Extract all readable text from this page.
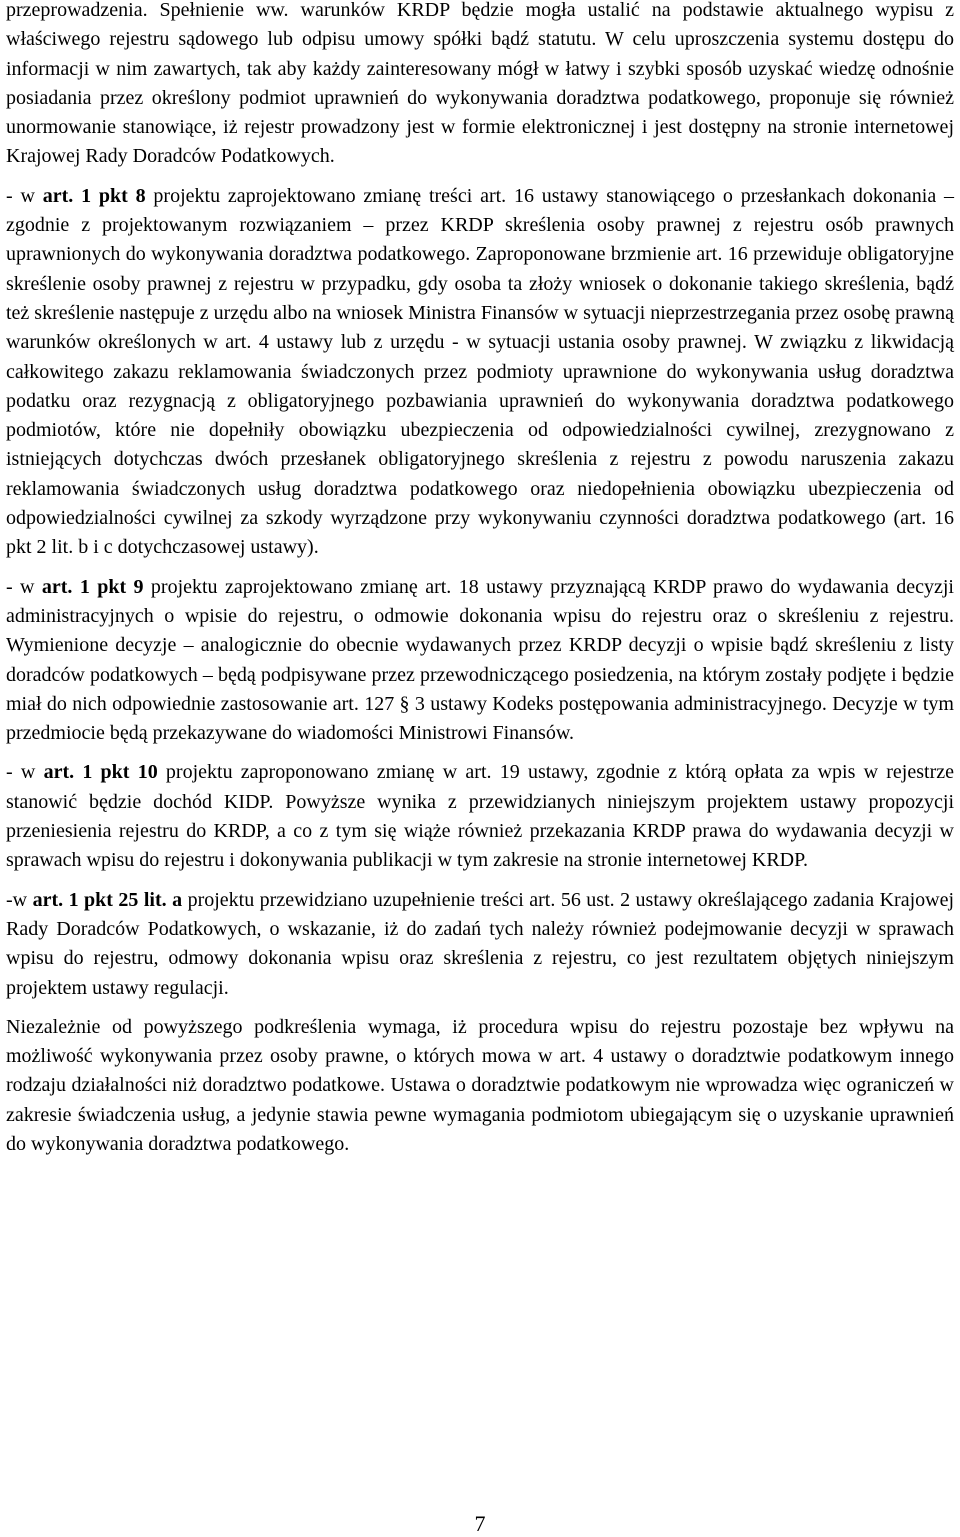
przeprowadzenia. Spełnienie ww. warunków KRDP będzie mogła ustalić na podstawie aktualnego wypisu z właściwego rejestru sądowego lub odpisu umowy spółki bądź statutu. W celu uproszczenia systemu dostępu do informacji w nim zawartych, tak aby każdy zainteresowany mógł w łatwy i szybki sposób uzyskać wiedzę odnośnie posiadania przez określony podmiot uprawnień do wykonywania doradztwa podatkowego, proponuje się również unormowanie stanowiące, iż rejestr prowadzony jest w formie elektronicznej i jest dostępny na stronie internetowej Krajowej Rady Doradców Podatkowych.

- w art. 1 pkt 8 projektu zaprojektowano zmianę treści art. 16 ustawy stanowiącego o przesłankach dokonania – zgodnie z projektowanym rozwiązaniem – przez KRDP skreślenia osoby prawnej z rejestru osób prawnych uprawnionych do wykonywania doradztwa podatkowego. Zaproponowane brzmienie art. 16 przewiduje obligatoryjne skreślenie osoby prawnej z rejestru w przypadku, gdy osoba ta złoży wniosek o dokonanie takiego skreślenia, bądź też skreślenie następuje z urzędu albo na wniosek Ministra Finansów w sytuacji nieprzestrzegania przez osobę prawną warunków określonych w art. 4 ustawy lub z urzędu - w sytuacji ustania osoby prawnej. W związku z likwidacją całkowitego zakazu reklamowania świadczonych przez podmioty uprawnione do wykonywania usług doradztwa podatku oraz rezygnacją z obligatoryjnego pozbawiania uprawnień do wykonywania doradztwa podatkowego podmiotów, które nie dopełniły obowiązku ubezpieczenia od odpowiedzialności cywilnej, zrezygnowano z istniejących dotychczas dwóch przesłanek obligatoryjnego skreślenia z rejestru z powodu naruszenia zakazu reklamowania świadczonych usług doradztwa podatkowego oraz niedopełnienia obowiązku ubezpieczenia od odpowiedzialności cywilnej za szkody wyrządzone przy wykonywaniu czynności doradztwa podatkowego (art. 16 pkt 2 lit. b i c dotychczasowej ustawy).

- w art. 1 pkt 9 projektu zaprojektowano zmianę art. 18 ustawy przyznającą KRDP prawo do wydawania decyzji administracyjnych o wpisie do rejestru, o odmowie dokonania wpisu do rejestru oraz o skreśleniu z rejestru. Wymienione decyzje – analogicznie do obecnie wydawanych przez KRDP decyzji o wpisie bądź skreśleniu z listy doradców podatkowych – będą podpisywane przez przewodniczącego posiedzenia, na którym zostały podjęte i będzie miał do nich odpowiednie zastosowanie art. 127 § 3 ustawy Kodeks postępowania administracyjnego. Decyzje w tym przedmiocie będą przekazywane do wiadomości Ministrowi Finansów.

- w art. 1 pkt 10 projektu zaproponowano zmianę w art. 19 ustawy, zgodnie z którą opłata za wpis w rejestrze stanowić będzie dochód KIDP. Powyższe wynika z przewidzianych niniejszym projektem ustawy propozycji przeniesienia rejestru do KRDP, a co z tym się wiąże również przekazania KRDP prawa do wydawania decyzji w sprawach wpisu do rejestru i dokonywania publikacji w tym zakresie na stronie internetowej KRDP.

-w art. 1 pkt 25 lit. a projektu przewidziano uzupełnienie treści art. 56 ust. 2 ustawy określającego zadania Krajowej Rady Doradców Podatkowych, o wskazanie, iż do zadań tych należy również podejmowanie decyzji w sprawach wpisu do rejestru, odmowy dokonania wpisu oraz skreślenia z rejestru, co jest rezultatem objętych niniejszym projektem ustawy regulacji.

Niezależnie od powyższego podkreślenia wymaga, iż procedura wpisu do rejestru pozostaje bez wpływu na możliwość wykonywania przez osoby prawne, o których mowa w art. 4 ustawy o doradztwie podatkowym innego rodzaju działalności niż doradztwo podatkowe. Ustawa o doradztwie podatkowym nie wprowadza więc ograniczeń w zakresie świadczenia usług, a jedynie stawia pewne wymagania podmiotom ubiegającym się o uzyskanie uprawnień do wykonywania doradztwa podatkowego.

7
